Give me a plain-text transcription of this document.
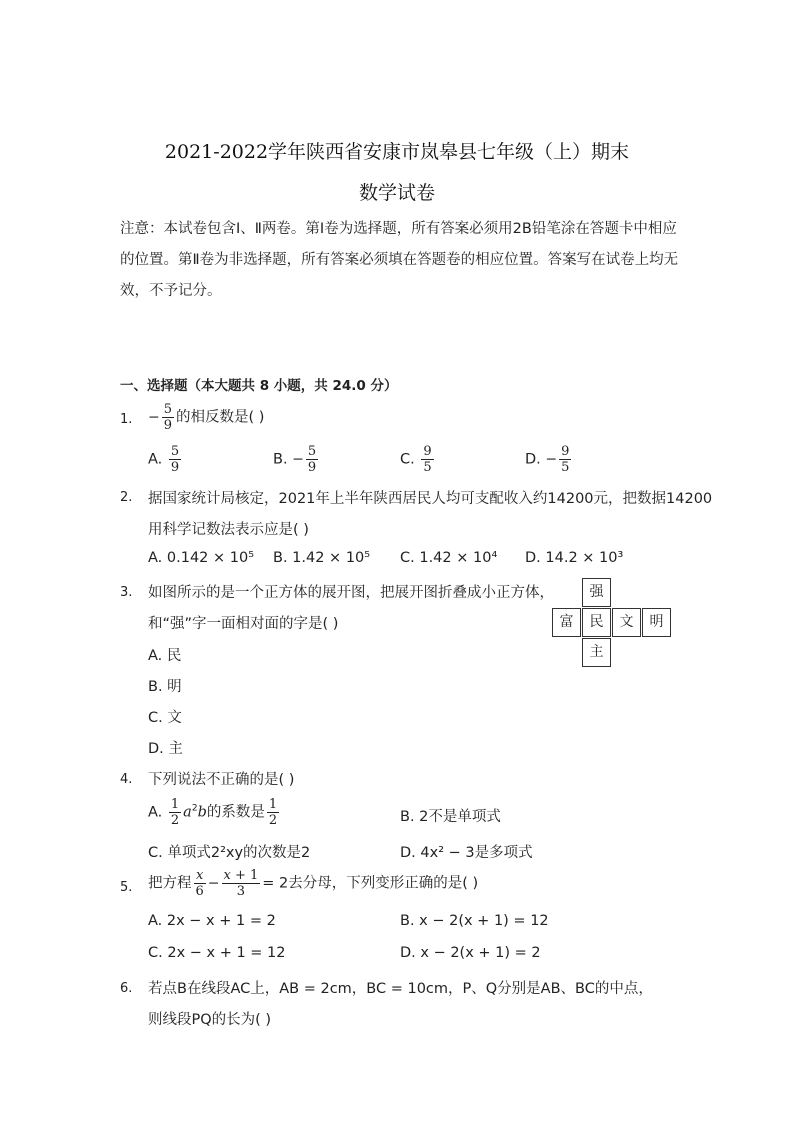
2021-2022学年陕西省安康市岚皋县七年级（上）期末
数学试卷
注意：本试卷包含Ⅰ、Ⅱ两卷。第Ⅰ卷为选择题，所有答案必须用2B铅笔涂在答题卡中相应的位置。第Ⅱ卷为非选择题，所有答案必须填在答题卷的相应位置。答案写在试卷上均无效，不予记分。
一、选择题（本大题共 8 小题，共 24.0 分）
1. − $\frac{5}{9}$ 的相反数是( )
A. $\frac{5}{9}$	B. − $\frac{5}{9}$	C. $\frac{9}{5}$	D. − $\frac{9}{5}$
2. 据国家统计局核定，2021年上半年陕西居民人均可支配收入约14200元，把数据14200
用科学记数法表示应是( )
A. 0.142 × 10⁵ B. 1.42 × 10⁵ C. 1.42 × 10⁴ D. 14.2 × 10³
3. 如图所示的是一个正方体的展开图，把展开图折叠成小正方体，
和“强”字一面相对面的字是( )
A. 民
B. 明
C. 文
D. 主
强
富	民	文	明
主
4. 下列说法不正确的是( )
A. $\frac{1}{2} a^2b$的系数是 $\frac{1}{2}$	B. 2不是单项式
C. 单项式2²xy的次数是2	D. 4x² − 3是多项式
5. 把方程 $\frac{x}{6} - \frac{x + 1}{3} = 2$去分母，下列变形正确的是( )
A. 2x − x + 1 = 2	B. x − 2(x + 1) = 12
C. 2x − x + 1 = 12	D. x − 2(x + 1) = 2
6. 若点B在线段AC上，AB = 2cm，BC = 10cm，P、Q分别是AB、BC的中点，
则线段PQ的长为( )
